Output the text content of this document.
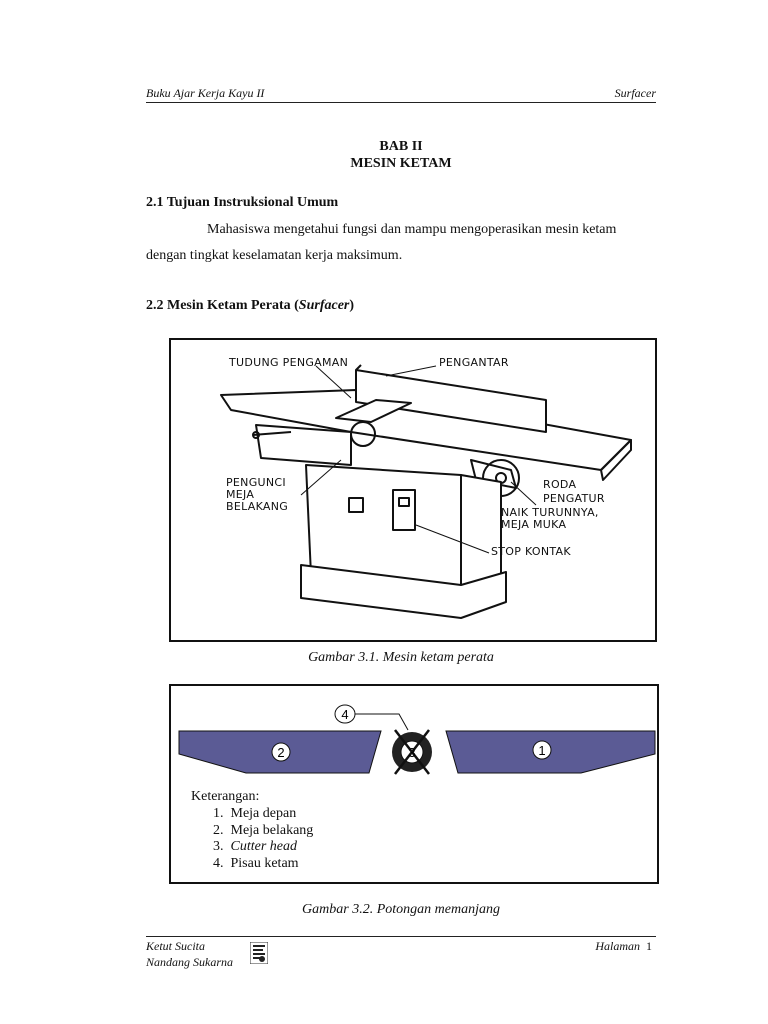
Buku Ajar Kerja Kayu II	Surfacer
BAB II
MESIN KETAM
2.1 Tujuan Instruksional Umum
Mahasiswa mengetahui fungsi dan mampu mengoperasikan mesin ketam
dengan tingkat keselamatan kerja maksimum.
2.2 Mesin Ketam Perata (Surfacer)
TUDUNG PENGAMAN	PENGANTAR
PENGUNCI
MEJA
BELAKANG
RODA
PENGATUR
NAIK TURUNNYA,
MEJA MUKA
STOP KONTAK
Gambar 3.1. Mesin ketam perata
2	1
3
4
Keterangan:
1. Meja depan
2. Meja belakang
3. Cutter head
4. Pisau ketam
Gambar 3.2. Potongan memanjang
Ketut Sucita
Nandang Sukarna
Halaman 1
